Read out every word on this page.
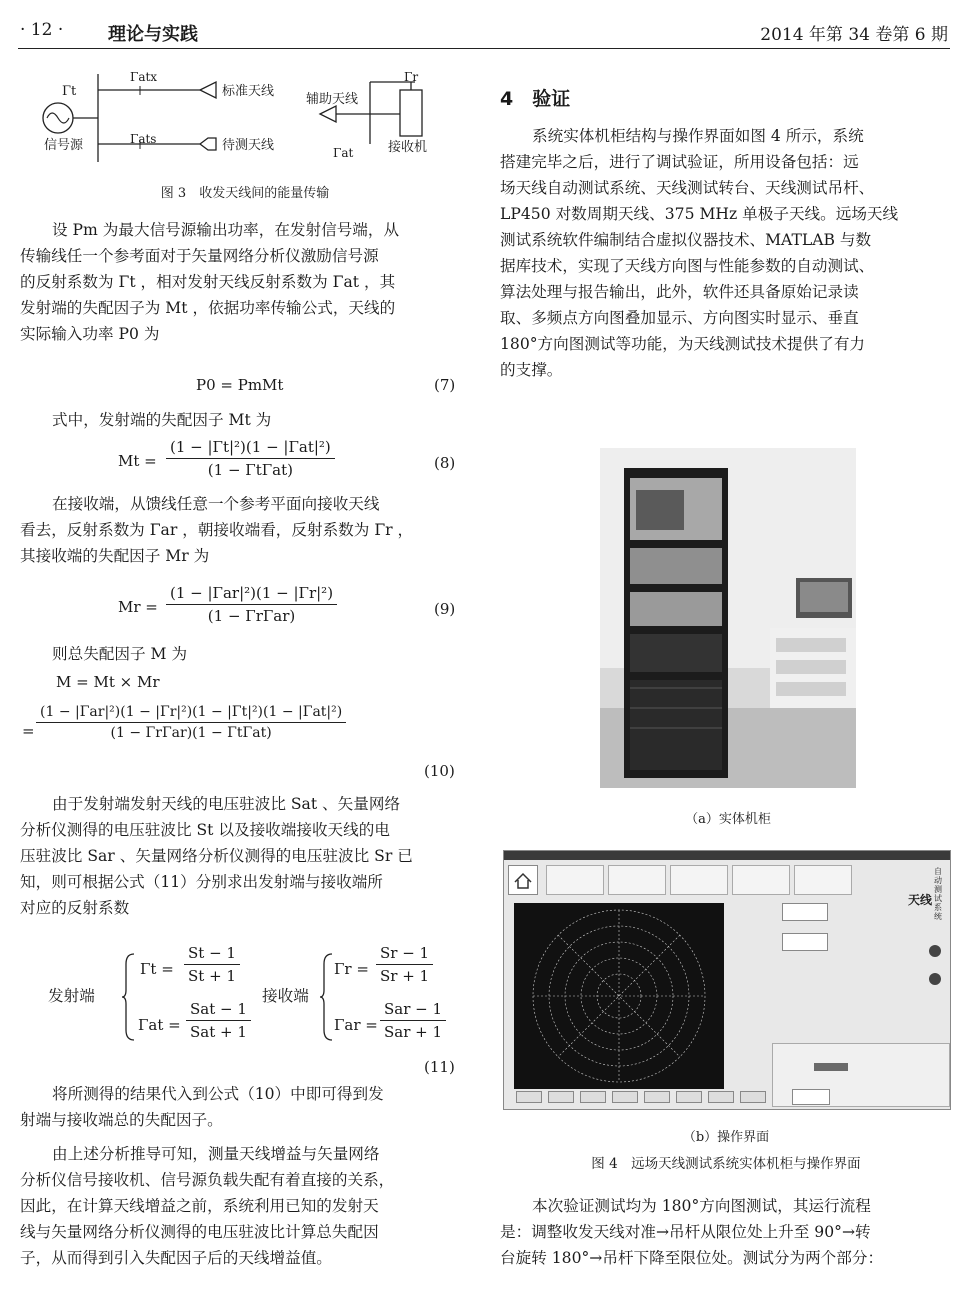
· 12 · 理论与实践	2014 年第 34 卷第 6 期
Γt
Γatx
Γats
标准天线
待测天线
信号源
辅助天线
Γr
Γat	接收机
图 3　收发天线间的能量传输
设 Pm 为最大信号源输出功率，在发射信号端，从
传输线任一个参考面对于矢量网络分析仪激励信号源
的反射系数为 Γt ，相对发射天线反射系数为 Γat ，其
发射端的失配因子为 Mt ，依据功率传输公式，天线的
实际输入功率 P0 为
P0 = PmMt	(7)
式中，发射端的失配因子 Mt 为
Mt =
(1 − |Γt|²)(1 − |Γat|²)
(1 − ΓtΓat)	(8)
在接收端，从馈线任意一个参考平面向接收天线
看去，反射系数为 Γar ，朝接收端看，反射系数为 Γr ，
其接收端的失配因子 Mr 为
Mr =
(1 − |Γar|²)(1 − |Γr|²)
(1 − ΓrΓar)	(9)
则总失配因子 M 为
M = Mt × Mr
=
(1 − |Γar|²)(1 − |Γr|²)(1 − |Γt|²)(1 − |Γat|²)
(1 − ΓrΓar)(1 − ΓtΓat)
(10)
由于发射端发射天线的电压驻波比 Sat 、矢量网络
分析仪测得的电压驻波比 St 以及接收端接收天线的电
压驻波比 Sar 、矢量网络分析仪测得的电压驻波比 Sr 已
知，则可根据公式（11）分别求出发射端与接收端所
对应的反射系数
发射端	接收端
$\Gamma t = \frac{St - 1}{St + 1}$
Γat =
Sat − 1
Sat + 1
$\Gamma r = \frac{Sr - 1}{Sr + 1}$
Γar =
Sar − 1
Sar + 1
(11)
将所测得的结果代入到公式（10）中即可得到发
射端与接收端总的失配因子。
由上述分析推导可知，测量天线增益与矢量网络
分析仪信号接收机、信号源负载失配有着直接的关系，
因此，在计算天线增益之前，系统利用已知的发射天
线与矢量网络分析仪测得的电压驻波比计算总失配因
子，从而得到引入失配因子后的天线增益值。
4　验证
系统实体机柜结构与操作界面如图 4 所示，系统
搭建完毕之后，进行了调试验证，所用设备包括：远
场天线自动测试系统、天线测试转台、天线测试吊杆、
LP450 对数周期天线、375 MHz 单极子天线。远场天线
测试系统软件编制结合虚拟仪器技术、MATLAB 与数
据库技术，实现了天线方向图与性能参数的自动测试、
算法处理与报告输出，此外，软件还具备原始记录读
取、多频点方向图叠加显示、方向图实时显示、垂直
180°方向图测试等功能，为天线测试技术提供了有力
的支撑。
（a）实体机柜
天线
自动测试系统
（b）操作界面
图 4　远场天线测试系统实体机柜与操作界面
本次验证测试均为 180°方向图测试，其运行流程
是：调整收发天线对准→吊杆从限位处上升至 90°→转
台旋转 180°→吊杆下降至限位处。测试分为两个部分：
